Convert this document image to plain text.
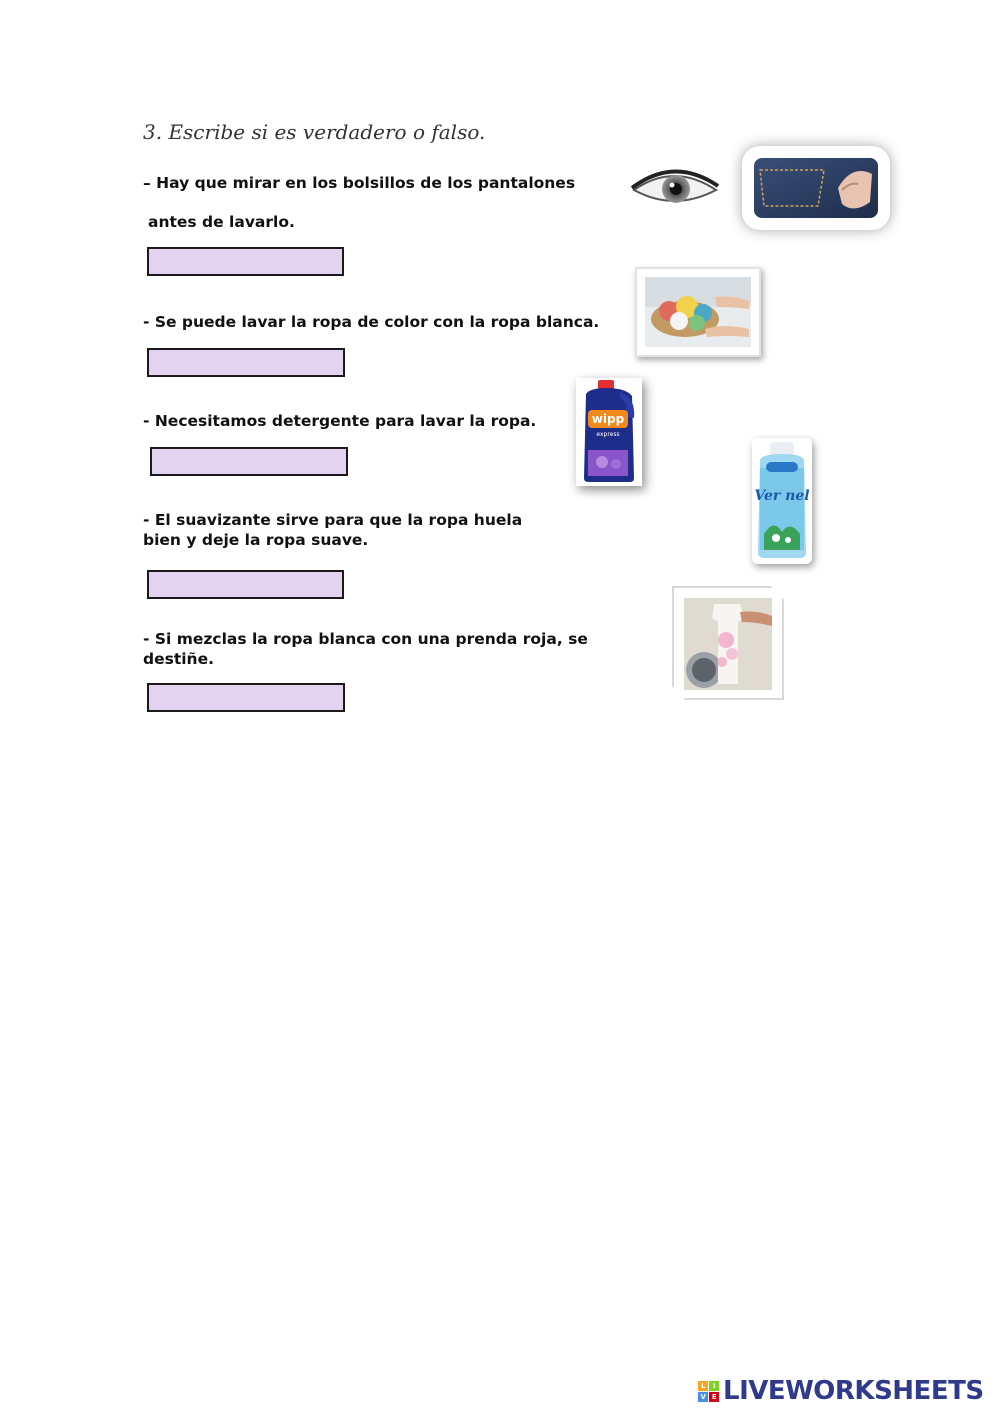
3. Escribe si es verdadero o falso.
– Hay que mirar en los bolsillos de los pantalones
antes de lavarlo.
- Se puede lavar la ropa de color con la ropa blanca.
- Necesitamos detergente para lavar la ropa.
- El suavizante sirve para que la ropa huela
bien y deje la ropa suave.
- Si mezclas la ropa blanca con una prenda roja, se
destiñe.
wipp
express
Ver nel
L	I
V E LIVEWORKSHEETS
